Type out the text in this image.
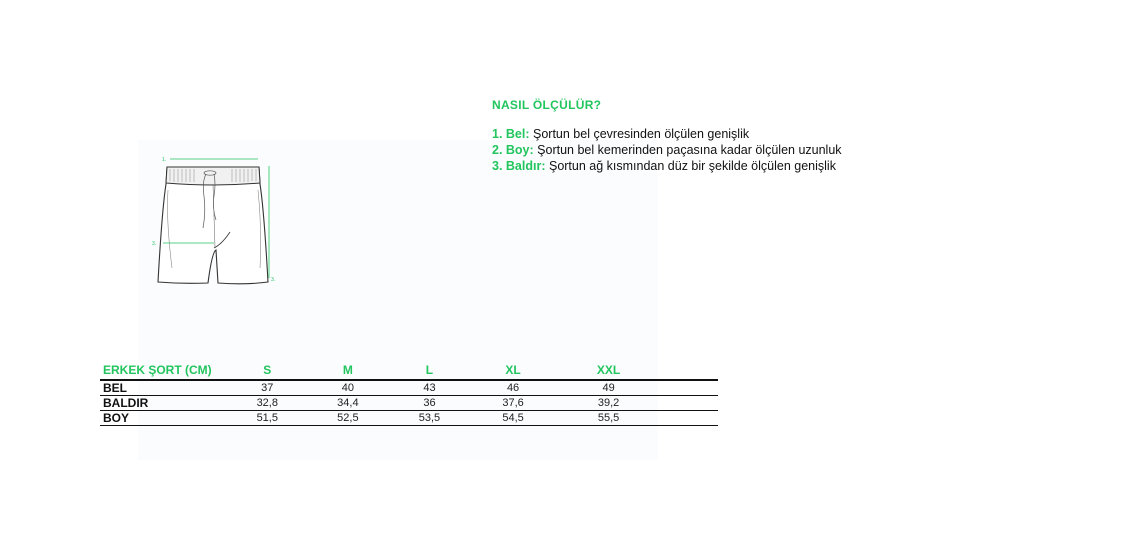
1.
3.
3.
NASIL ÖLÇÜLÜR?
1. Bel: Şortun bel çevresinden ölçülen genişlik
2. Boy: Şortun bel kemerinden paçasına kadar ölçülen uzunluk
3. Baldır: Şortun ağ kısmından düz bir şekilde ölçülen genişlik
ERKEK ŞORT (CM)	S	M	L	XL	XXL	
BEL	37	40	43	46	49	
BALDIR	32,8	34,4	36	37,6	39,2	
BOY	51,5	52,5	53,5	54,5	55,5	
